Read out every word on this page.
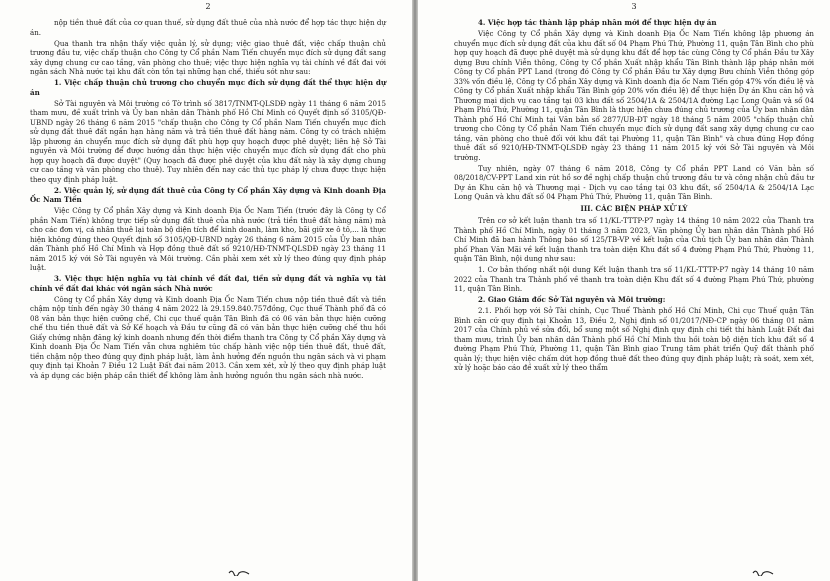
2

nộp tiền thuê đất của cơ quan thuế, sử dụng đất thuê của nhà nước để hợp tác thực hiện dự án.

Qua thanh tra nhận thấy việc quản lý, sử dụng; việc giao thuê đất, việc chấp thuận chủ trương đầu tư, việc chấp thuận cho Công ty Cổ phần Nam Tiến chuyển mục đích sử dụng đất sang xây dựng chung cư cao tầng, văn phòng cho thuê; việc thực hiện nghĩa vụ tài chính về đất đai với ngân sách Nhà nước tại khu đất còn tồn tại những hạn chế, thiếu sót như sau:

1. Việc chấp thuận chủ trương cho chuyển mục đích sử dụng đất thể thực hiện dự án

Sở Tài nguyên và Môi trường có Tờ trình số 3817/TNMT-QLSDĐ ngày 11 tháng 6 năm 2015 tham mưu, đề xuất trình và Ủy ban nhân dân Thành phố Hồ Chí Minh có Quyết định số 3105/QĐ-UBND ngày 26 tháng 6 năm 2015 "chấp thuận cho Công ty Cổ phần Nam Tiến chuyển mục đích sử dụng đất thuê đất ngắn hạn hàng năm và trả tiền thuê đất hàng năm. Công ty có trách nhiệm lập phương án chuyển mục đích sử dụng đất phù hợp quy hoạch được phê duyệt; liên hệ Sở Tài nguyên và Môi trường để được hướng dẫn thực hiện việc chuyển mục đích sử dụng đất cho phù hợp quy hoạch đã được duyệt" (Quy hoạch đã được phê duyệt của khu đất này là xây dựng chung cư cao tầng và văn phòng cho thuê). Tuy nhiên đến nay các thủ tục pháp lý chưa được thực hiện theo quy định pháp luật.

2. Việc quản lý, sử dụng đất thuê của Công ty Cổ phần Xây dựng và Kinh doanh Địa Ốc Nam Tiến

Việc Công ty Cổ phần Xây dựng và Kinh doanh Địa Ốc Nam Tiến (trước đây là Công ty Cổ phần Nam Tiến) không trực tiếp sử dụng đất thuê của nhà nước (trả tiền thuê đất hàng năm) mà cho các đơn vị, cá nhân thuê lại toàn bộ diện tích để kinh doanh, làm kho, bãi giữ xe ô tô,... là thực hiện không đúng theo Quyết định số 3105/QĐ-UBND ngày 26 tháng 6 năm 2015 của Ủy ban nhân dân Thành phố Hồ Chí Minh và Hợp đồng thuê đất số 9210/HĐ-TNMT-QLSDĐ ngày 23 tháng 11 năm 2015 ký với Sở Tài nguyên và Môi trường. Cần phải xem xét xử lý theo đúng quy định pháp luật.

3. Việc thực hiện nghĩa vụ tài chính về đất đai, tiền sử dụng đất và nghĩa vụ tài chính về đất đai khác với ngân sách Nhà nước

Công ty Cổ phần Xây dựng và Kinh doanh Địa Ốc Nam Tiến chưa nộp tiền thuê đất và tiền chậm nộp tính đến ngày 30 tháng 4 năm 2022 là 29.159.840.757đồng, Cục thuế Thành phố đã có 08 văn bản thực hiện cưỡng chế, Chi cục thuế quận Tân Bình đã có 06 văn bản thực hiện cưỡng chế thu tiền thuê đất và Sở Kế hoạch và Đầu tư cũng đã có văn bản thực hiện cưỡng chế thu hồi Giấy chứng nhận đăng ký kinh doanh nhưng đến thời điểm thanh tra Công ty Cổ phần Xây dựng và Kinh doanh Địa Ốc Nam Tiến vẫn chưa nghiêm túc chấp hành việc nộp tiền thuê đất, thuê đất, tiền chậm nộp theo đúng quy định pháp luật, làm ảnh hưởng đến nguồn thu ngân sách và vi phạm quy định tại Khoản 7 Điều 12 Luật Đất đai năm 2013. Cần xem xét, xử lý theo quy định pháp luật và áp dụng các biện pháp cần thiết để không làm ảnh hưởng nguồn thu ngân sách nhà nước.

3

4. Việc hợp tác thành lập pháp nhân mới để thực hiện dự án

Việc Công ty Cổ phần Xây dựng và Kinh doanh Địa Ốc Nam Tiến không lập phương án chuyển mục đích sử dụng đất của khu đất số 04 Phạm Phú Thứ, Phường 11, quận Tân Bình cho phù hợp quy hoạch đã được phê duyệt mà sử dụng khu đất để hợp tác cùng Công ty Cổ phần Đầu tư Xây dựng Bưu chính Viễn thông, Công ty Cổ phần Xuất nhập khẩu Tân Bình thành lập pháp nhân mới Công ty Cổ phần PPT Land (trong đó Công ty Cổ phần Đầu tư Xây dựng Bưu chính Viễn thông góp 33% vốn điều lệ, Công ty Cổ phần Xây dựng và Kinh doanh địa ốc Nam Tiến góp 47% vốn điều lệ và Công ty Cổ phần Xuất nhập khẩu Tân Bình góp 20% vốn điều lệ) để thực hiện Dự án Khu căn hộ và Thương mại dịch vụ cao tầng tại 03 khu đất số 2504/1A & 2504/1A đường Lạc Long Quân và số 04 Phạm Phú Thứ, Phường 11, quận Tân Bình là thực hiện chưa đúng chủ trương của Ủy ban nhân dân Thành phố Hồ Chí Minh tại Văn bản số 2877/UB-ĐT ngày 18 tháng 5 năm 2005 "chấp thuận chủ trương cho Công ty Cổ phần Nam Tiến chuyển mục đích sử dụng đất sang xây dựng chung cư cao tầng, văn phòng cho thuê đối với khu đất tại Phường 11, quận Tân Bình" và chưa đúng Hợp đồng thuê đất số 9210/HĐ-TNMT-QLSDĐ ngày 23 tháng 11 năm 2015 ký với Sở Tài nguyên và Môi trường.

Tuy nhiên, ngày 07 tháng 6 năm 2018, Công ty Cổ phần PPT Land có Văn bản số 08/2018/CV-PPT Land xin rút hồ sơ đề nghị chấp thuận chủ trương đầu tư và công nhận chủ đầu tư Dự án Khu căn hộ và Thương mại - Dịch vụ cao tầng tại 03 khu đất, số 2504/1A & 2504/1A Lạc Long Quân và khu đất số 04 Phạm Phú Thứ, Phường 11, quận Tân Bình.

III. CÁC BIỆN PHÁP XỬ LÝ

Trên cơ sở kết luận thanh tra số 11/KL-TTTP-P7 ngày 14 tháng 10 năm 2022 của Thanh tra Thành phố Hồ Chí Minh, ngày 01 tháng 3 năm 2023, Văn phòng Ủy ban nhân dân Thành phố Hồ Chí Minh đã ban hành Thông báo số 125/TB-VP về kết luận của Chủ tịch Ủy ban nhân dân Thành phố Phan Văn Mãi về kết luận thanh tra toàn diện Khu đất số 4 đường Phạm Phú Thứ, Phường 11, quận Tân Bình, nội dung như sau:

1. Cơ bản thống nhất nội dung Kết luận thanh tra số 11/KL-TTTP-P7 ngày 14 tháng 10 năm 2022 của Thanh tra Thành phố về thanh tra toàn diện Khu đất số 4 đường Phạm Phú Thứ, phường 11, quận Tân Bình.

2. Giao Giám đốc Sở Tài nguyên và Môi trường:

2.1. Phối hợp với Sở Tài chính, Cục Thuế Thành phố Hồ Chí Minh, Chi cục Thuế quận Tân Bình căn cứ quy định tại Khoản 13, Điều 2, Nghị định số 01/2017/NĐ-CP ngày 06 tháng 01 năm 2017 của Chính phủ về sửa đổi, bổ sung một số Nghị định quy định chi tiết thi hành Luật Đất đai tham mưu, trình Ủy ban nhân dân Thành phố Hồ Chí Minh thu hồi toàn bộ diện tích khu đất số 4 đường Phạm Phú Thứ, Phường 11, quận Tân Bình giao Trung tâm phát triển Quỹ đất thành phố quản lý; thực hiện việc chấm dứt hợp đồng thuê đất theo đúng quy định pháp luật; rà soát, xem xét, xử lý hoặc báo cáo đề xuất xử lý theo thẩm
